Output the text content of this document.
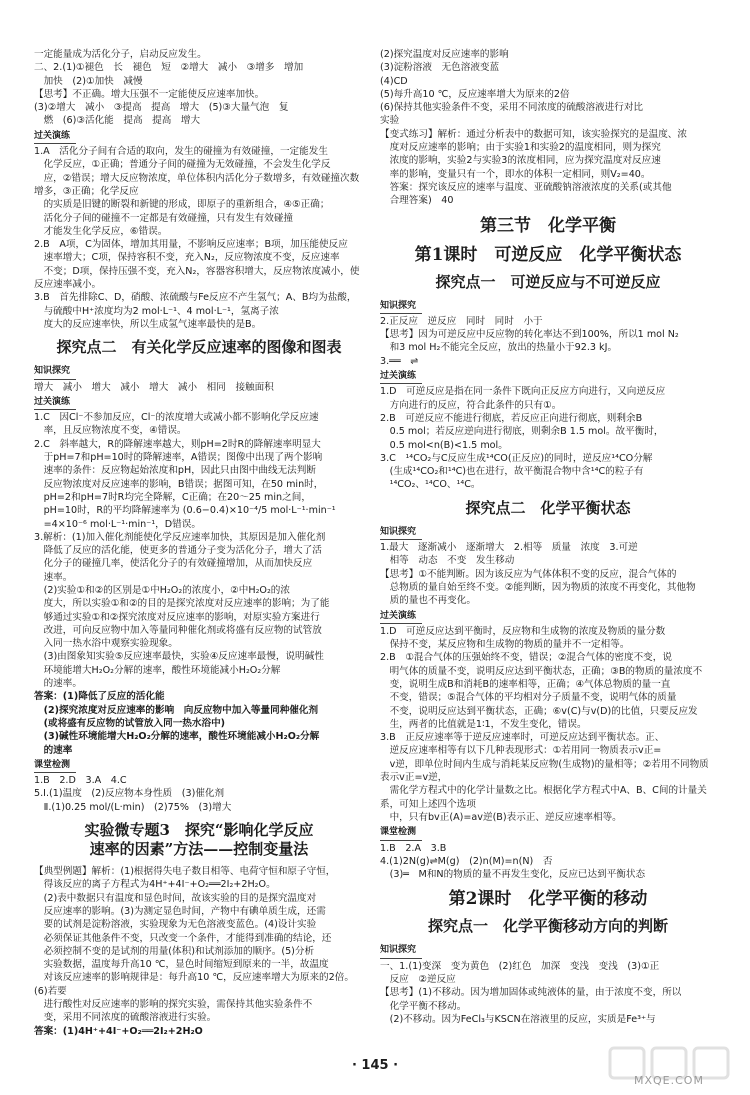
一定能量成为活化分子，启动反应发生。

二、2.(1)①褪色　长　褪色　短　②增大　减小　③增多　增加

　加快　(2)①加快　减慢

【思考】不正确。增大压强不一定能使反应速率加快。

(3)②增大　减小　③提高　提高　增大　(5)③大量气泡　复

　燃　(6)③活化能　提高　提高　增大

过关演练

1.A　活化分子间有合适的取向，发生的碰撞为有效碰撞，一定能发生

　化学反应，①正确；普通分子间的碰撞为无效碰撞，不会发生化学反

　应，②错误；增大反应物浓度，单位体积内活化分子数增多，有效碰撞次数增多，③正确；化学反应

　的实质是旧键的断裂和新键的形成，即原子的重新组合，④⑤正确；

　活化分子间的碰撞不一定都是有效碰撞，只有发生有效碰撞

　才能发生化学反应，⑥错误。

2.B　A项，C为固体，增加其用量，不影响反应速率；B项，加压能使反应

　速率增大；C项，保持容积不变，充入N₂，反应物浓度不变，反应速率

　不变；D项，保持压强不变，充入N₂，容器容积增大，反应物浓度减小，使反应速率减小。

3.B　首先排除C、D，硝酸、浓硫酸与Fe反应不产生氢气；A、B均为盐酸，

　与硫酸中H⁺浓度均为2 mol·L⁻¹、4 mol·L⁻¹，氢离子浓

　度大的反应速率快，所以生成氢气速率最快的是B。

探究点二　有关化学反应速率的图像和图表

知识探究

增大　减小　增大　减小　增大　减小　相同　接触面积

过关演练

1.C　因Cl⁻不参加反应，Cl⁻的浓度增大或减小都不影响化学反应速

　率，且反应物浓度不变，④错误。

2.C　斜率越大，R的降解速率越大，则pH=2时R的降解速率明显大

　于pH=7和pH=10时的降解速率，A错误；图像中出现了两个影响

　速率的条件：反应物起始浓度和pH，因此只由图中曲线无法判断

　反应物浓度对反应速率的影响，B错误；据图可知，在50 min时，

　pH=2和pH=7时R均完全降解，C正确；在20～25 min之间，

　pH=10时，R的平均降解速率为 (0.6−0.4)×10⁻⁴/5 mol·L⁻¹·min⁻¹

　=4×10⁻⁶ mol·L⁻¹·min⁻¹，D错误。

3.解析：(1)加入催化剂能使化学反应速率加快，其原因是加入催化剂

　降低了反应的活化能，使更多的普通分子变为活化分子，增大了活

　化分子的碰撞几率，使活化分子的有效碰撞增加，从而加快反应

　速率。

　(2)实验①和②的区别是①中H₂O₂的浓度小，②中H₂O₂的浓

　度大，所以实验①和②的目的是探究浓度对反应速率的影响；为了能

　够通过实验①和②探究浓度对反应速率的影响，对原实验方案进行

　改进，可向反应物中加入等量同种催化剂或将盛有反应物的试管放

　入同一热水浴中观察实验现象。

　(3)由图象知实验⑤反应速率最快，实验④反应速率最慢，说明碱性

　环境能增大H₂O₂分解的速率，酸性环境能减小H₂O₂分解

　的速率。

答案：(1)降低了反应的活化能

　(2)探究浓度对反应速率的影响　向反应物中加入等量同种催化剂

　(或将盛有反应物的试管放入同一热水浴中)

　(3)碱性环境能增大H₂O₂分解的速率，酸性环境能减小H₂O₂分解

　的速率

课堂检测

1.B　2.D　3.A　4.C

5.Ⅰ.(1)温度　(2)反应物本身性质　(3)催化剂

　Ⅱ.(1)0.25 mol/(L·min)　(2)75%　(3)增大

实验微专题3　探究“影响化学反应

速率的因素”方法——控制变量法

【典型例题】解析：(1)根据得失电子数目相等、电荷守恒和原子守恒，

　得该反应的离子方程式为4H⁺+4I⁻+O₂══2I₂+2H₂O。

　(2)表中数据只有温度和显色时间，故该实验的目的是探究温度对

　反应速率的影响。(3)为测定显色时间，产物中有碘单质生成，还需

　要的试剂是淀粉溶液，实验现象为无色溶液变蓝色。(4)设计实验

　必须保证其他条件不变，只改变一个条件，才能得到准确的结论，还

　必须控制不变的是试剂的用量(体积)和试剂添加的顺序。(5)分析

　实验数据，温度每升高10 ℃，显色时间缩短到原来的一半，故温度

　对该反应速率的影响规律是：每升高10 ℃，反应速率增大为原来的2倍。(6)若要

　进行酸性对反应速率的影响的探究实验，需保持其他实验条件不

　变，采用不同浓度的硫酸溶液进行实验。

答案：(1)4H⁺+4I⁻+O₂══2I₂+2H₂O

(2)探究温度对反应速率的影响

(3)淀粉溶液　无色溶液变蓝

(4)CD

(5)每升高10 ℃，反应速率增大为原来的2倍

(6)保持其他实验条件不变，采用不同浓度的硫酸溶液进行对比

实验

【变式练习】解析：通过分析表中的数据可知，该实验探究的是温度、浓

　度对反应速率的影响；由于实验1和实验2的温度相同，则为探究

　浓度的影响，实验2与实验3的浓度相同，应为探究温度对反应速

　率的影响，变量只有一个，即水的体积一定相同，则V₂=40。

　答案：探究该反应的速率与温度、亚硫酸钠溶液浓度的关系(或其他

　合理答案)　40

第三节　化学平衡

第1课时　可逆反应　化学平衡状态

探究点一　可逆反应与不可逆反应

知识探究

2.正反应　逆反应　同时　同时　小于

【思考】因为可逆反应中反应物的转化率达不到100%，所以1 mol N₂

　和3 mol H₂不能完全反应，放出的热量小于92.3 kJ。

3.══　⇌

过关演练

1.D　可逆反应是指在同一条件下既向正反应方向进行，又向逆反应

　方向进行的反应，符合此条件的只有①。

2.B　可逆反应不能进行彻底，若反应正向进行彻底，则剩余B

　0.5 mol；若反应逆向进行彻底，则剩余B 1.5 mol。故平衡时，

　0.5 mol<n(B)<1.5 mol。

3.C　¹⁴CO₂与C反应生成¹⁴CO(正反应)的同时，逆反应¹⁴CO分解

　(生成¹⁴CO₂和¹⁴C)也在进行，故平衡混合物中含¹⁴C的粒子有

　¹⁴CO₂、¹⁴CO、¹⁴C。

探究点二　化学平衡状态

知识探究

1.最大　逐渐减小　逐渐增大　2.相等　质量　浓度　3.可逆

　相等　动态　不变　发生移动

【思考】①不能判断。因为该反应为气体体积不变的反应，混合气体的

　总物质的量自始至终不变。②能判断，因为物质的浓度不再变化，其他物

　质的量也不再变化。

过关演练

1.D　可逆反应达到平衡时，反应物和生成物的浓度及物质的量分数

　保持不变，某反应物和生成物的物质的量并不一定相等。

2.B　①混合气体的压强始终不变，错误；②混合气体的密度不变，说

　明气体的质量不变，说明反应达到平衡状态，正确；③B的物质的量浓度不

　变，说明生成B和消耗B的速率相等，正确；④气体总物质的量一直

　不变，错误；⑤混合气体的平均相对分子质量不变，说明气体的质量

　不变，说明反应达到平衡状态，正确；⑥v(C)与v(D)的比值，只要反应发

　生，两者的比值就是1∶1，不发生变化，错误。

3.B　正反应速率等于逆反应速率时，可逆反应达到平衡状态。正、

　逆反应速率相等有以下几种表现形式：①若用同一物质表示v正=

　v逆，即单位时间内生成与消耗某反应物(生成物)的量相等；②若用不同物质表示v正=v逆，

　需化学方程式中的化学计量数之比。根据化学方程式中A、B、C间的计量关系，可知上述四个选项

　中，只有bv正(A)=av逆(B)表示正、逆反应速率相等。

课堂检测

1.B　2.A　3.B

4.(1)2N(g)⇌M(g)　(2)n(M)=n(N)　否

　(3)═　M和N的物质的量不再发生变化，反应已达到平衡状态

第2课时　化学平衡的移动

探究点一　化学平衡移动方向的判断

知识探究

一、1.(1)变深　变为黄色　(2)红色　加深　变浅　变浅　(3)①正

　反应　②逆反应

【思考】(1)不移动。因为增加固体或纯液体的量，由于浓度不变，所以

　化学平衡不移动。

　(2)不移动。因为FeCl₃与KSCN在溶液里的反应，实质是Fe³⁺与

· 145 ·
MXQE.COM
